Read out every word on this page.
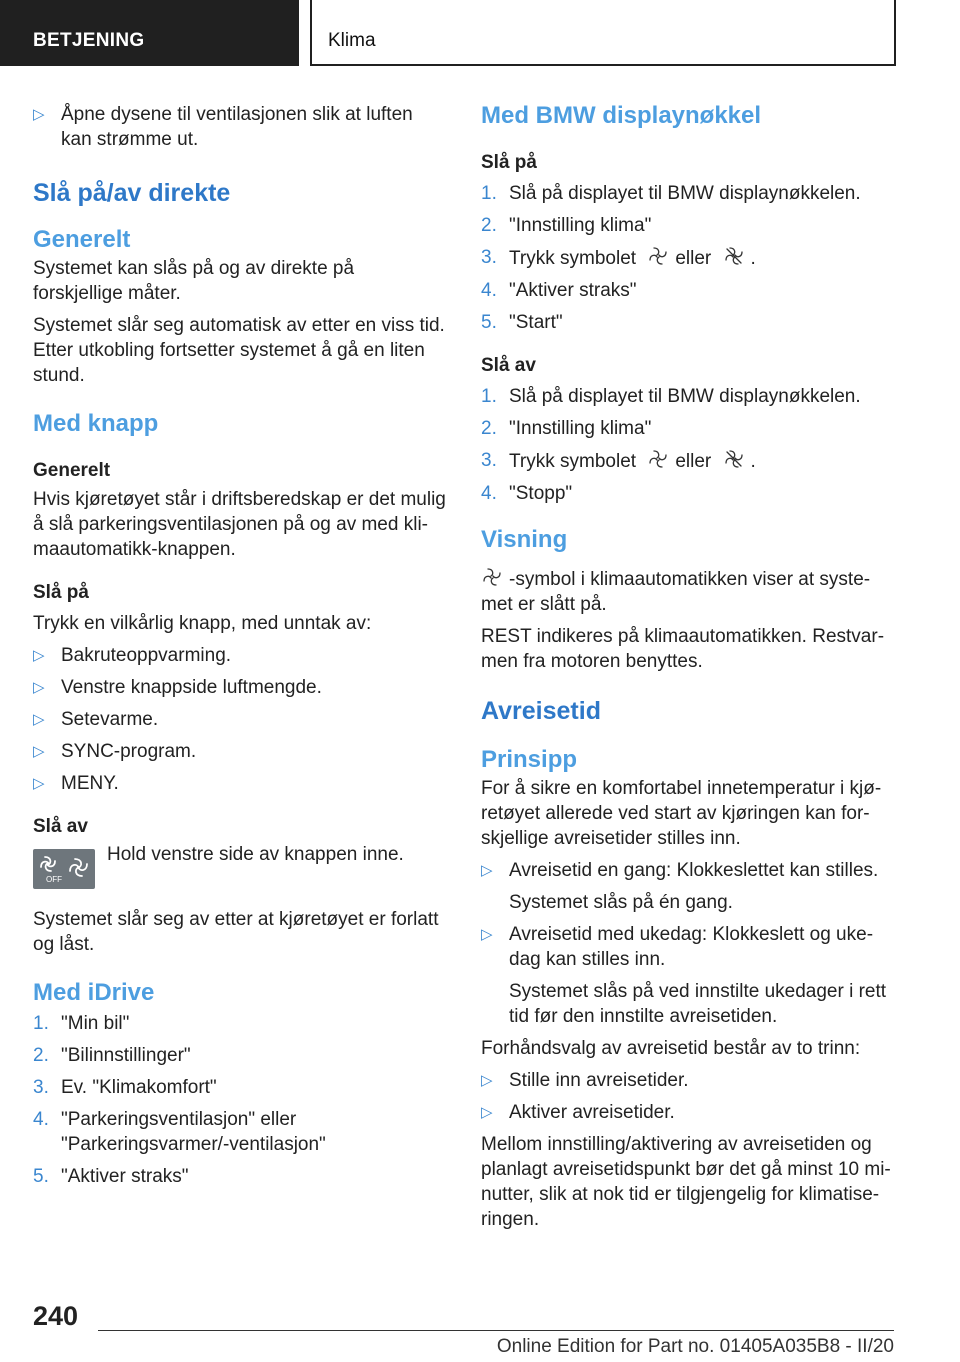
BETJENING	Klima
▷ Åpne dysene til ventilasjonen slik at luften kan strømme ut.
Slå på/av direkte
Generelt

Systemet kan slås på og av direkte på forskjellige måter.

Systemet slår seg automatisk av etter en viss tid. Etter utkobling fortsetter systemet å gå en liten stund.

Med knapp
Generelt

Hvis kjøretøyet står i driftsberedskap er det mulig å slå parkeringsventilasjonen på og av med kli-maautomatikk-knappen.

Slå på

Trykk en vilkårlig knapp, med unntak av:

▷ Bakruteoppvarming.
▷ Venstre knappside luftmengde.
▷ Setevarme.
▷ SYNC-program.
▷ MENY.
Slå av
OFF
Hold venstre side av knappen inne.

Systemet slår seg av etter at kjøretøyet er forlatt og låst.

Med iDrive
1. "Min bil"
2. "Bilinnstillinger"
3. Ev. "Klimakomfort"
4. "Parkeringsventilasjon" eller "Parkeringsvarmer/-ventilasjon"
5. "Aktiver straks"
Med BMW displaynøkkel
Slå på
1. Slå på displayet til BMW displaynøkkelen.
2. "Innstilling klima"
3. Trykk symbolet eller .
4. "Aktiver straks"
5. "Start"
Slå av
1. Slå på displayet til BMW displaynøkkelen.
2. "Innstilling klima"
3. Trykk symbolet eller .
4. "Stopp"
Visning

-symbol i klimaautomatikken viser at syste-met er slått på.

REST indikeres på klimaautomatikken. Restvar-men fra motoren benyttes.

Avreisetid
Prinsipp

For å sikre en komfortabel innetemperatur i kjø-retøyet allerede ved start av kjøringen kan for-skjellige avreisetider stilles inn.

▷ Avreisetid en gang: Klokkeslettet kan stilles.
Systemet slås på én gang.
▷ Avreisetid med ukedag: Klokkeslett og uke-dag kan stilles inn.
Systemet slås på ved innstilte ukedager i rett tid før den innstilte avreisetiden.

Forhåndsvalg av avreisetid består av to trinn:

▷ Stille inn avreisetider.
▷ Aktiver avreisetider.

Mellom innstilling/aktivering av avreisetiden og planlagt avreisetidspunkt bør det gå minst 10 mi-nutter, slik at nok tid er tilgjengelig for klimatise-ringen.

240
Online Edition for Part no. 01405A035B8 - II/20
